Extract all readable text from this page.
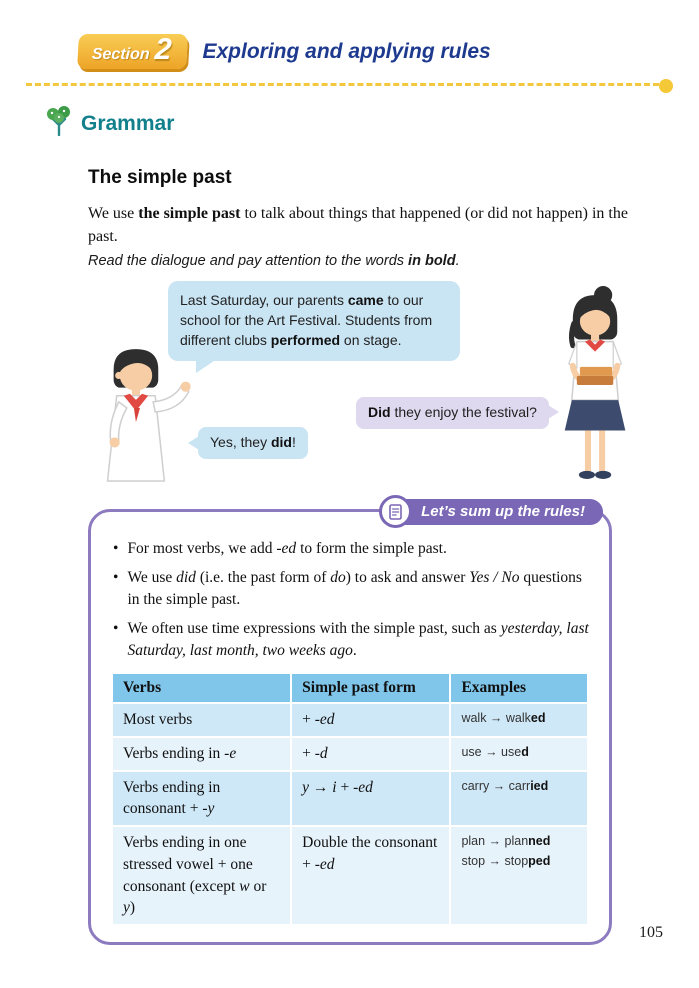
Section 2 Exploring and applying rules
Grammar
The simple past

We use the simple past to talk about things that happened (or did not happen) in the past.

Read the dialogue and pay attention to the words in bold.

Last Saturday, our parents came to our school for the Art Festival. Students from different clubs performed on stage.
Did they enjoy the festival?
Yes, they did!
Let’s sum up the rules!
• For most verbs, we add -ed to form the simple past.
• We use did (i.e. the past form of do) to ask and answer Yes / No questions in the simple past.
• We often use time expressions with the simple past, such as yesterday, last Saturday, last month, two weeks ago.
Verbs	Simple past form	Examples
Most verbs	+ -ed	walk → walked

Verbs ending in -e	+ -d	use → used

Verbs ending in consonant + -y	y → i + -ed	carry → carried

Verbs ending in one stressed vowel + one consonant (except w or y)	Double the consonant + -ed	plan → planned
stop → stopped
105
